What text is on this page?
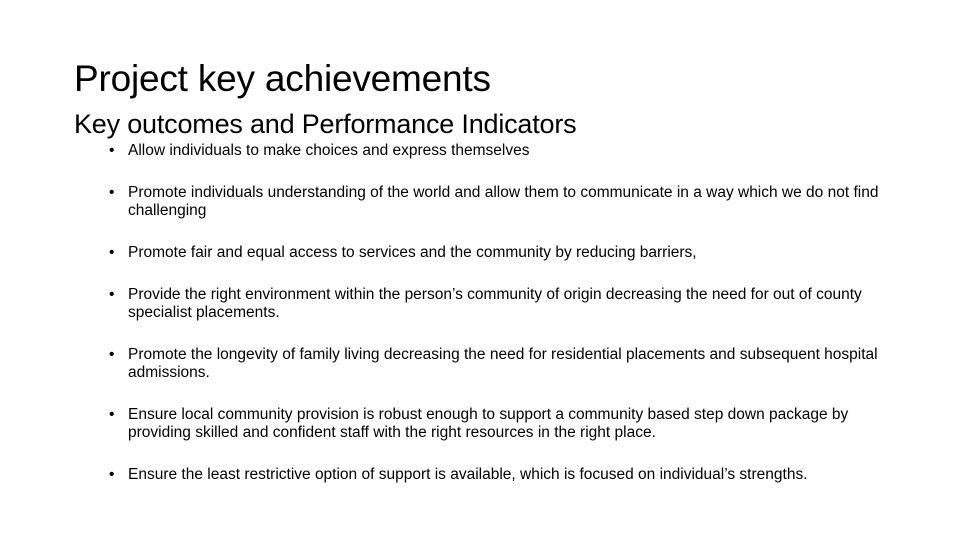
Project key achievements
Key outcomes and Performance Indicators
• Allow individuals to make choices and express themselves
• Promote individuals understanding of the world and allow them to communicate in a way which we do not find challenging
• Promote fair and equal access to services and the community by reducing barriers,
• Provide the right environment within the person’s community of origin decreasing the need for out of county specialist placements.
• Promote the longevity of family living decreasing the need for residential placements and subsequent hospital admissions.
• Ensure local community provision is robust enough to support a community based step down package by providing skilled and confident staff with the right resources in the right place.
• Ensure the least restrictive option of support is available, which is focused on individual’s strengths.
